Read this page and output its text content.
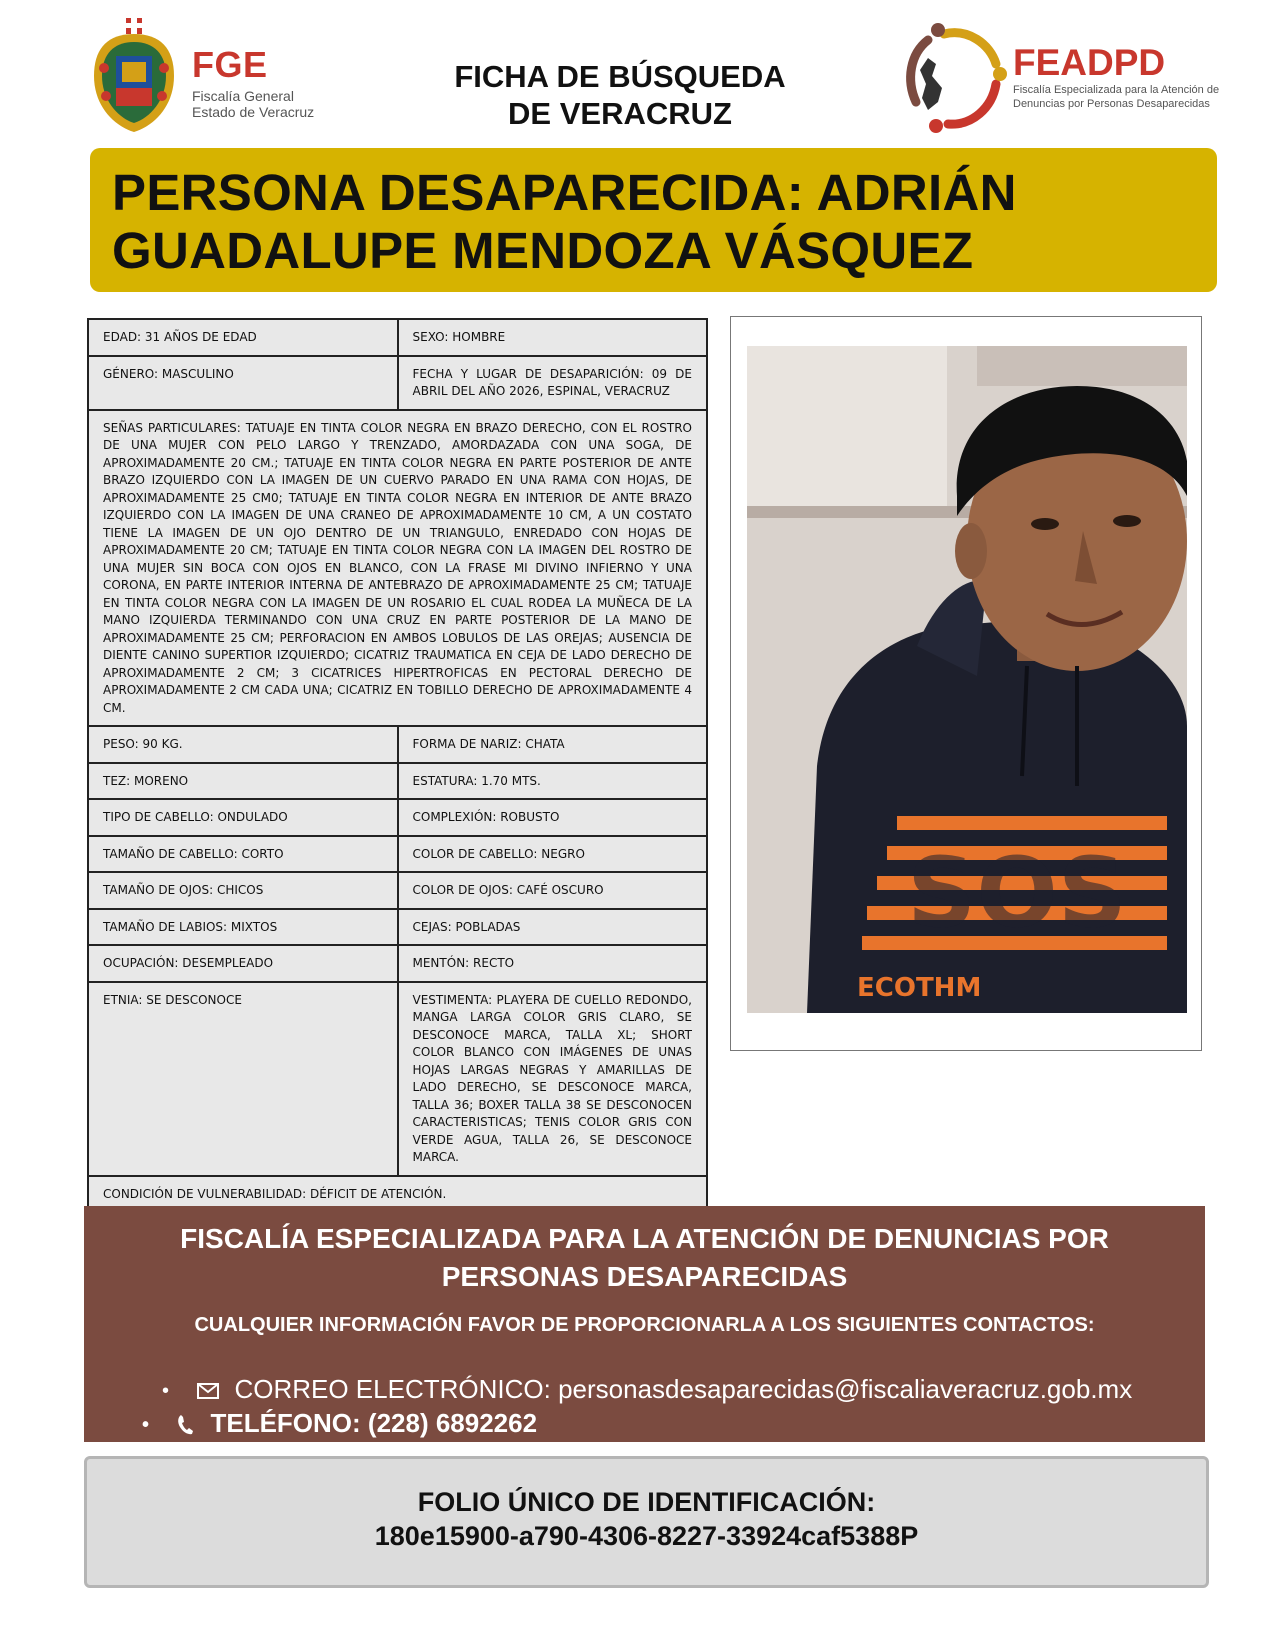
FGE
Fiscalía General
Estado de Veracruz
FICHA DE BÚSQUEDA
DE VERACRUZ
FEADPD
Fiscalía Especializada para la Atención de
Denuncias por Personas Desaparecidas
PERSONA DESAPARECIDA: ADRIÁN
GUADALUPE MENDOZA VÁSQUEZ
EDAD: 31 AÑOS DE EDAD	SEXO: HOMBRE
GÉNERO: MASCULINO	FECHA Y LUGAR DE DESAPARICIÓN: 09 DE ABRIL DEL AÑO 2026, ESPINAL, VERACRUZ
SEÑAS PARTICULARES: TATUAJE EN TINTA COLOR NEGRA EN BRAZO DERECHO, CON EL ROSTRO DE UNA MUJER CON PELO LARGO Y TRENZADO, AMORDAZADA CON UNA SOGA, DE APROXIMADAMENTE 20 CM.; TATUAJE EN TINTA COLOR NEGRA EN PARTE POSTERIOR DE ANTE BRAZO IZQUIERDO CON LA IMAGEN DE UN CUERVO PARADO EN UNA RAMA CON HOJAS, DE APROXIMADAMENTE 25 CM0; TATUAJE EN TINTA COLOR NEGRA EN INTERIOR DE ANTE BRAZO IZQUIERDO CON LA IMAGEN DE UNA CRANEO DE APROXIMADAMENTE 10 CM, A UN COSTATO TIENE LA IMAGEN DE UN OJO DENTRO DE UN TRIANGULO, ENREDADO CON HOJAS DE APROXIMADAMENTE 20 CM; TATUAJE EN TINTA COLOR NEGRA CON LA IMAGEN DEL ROSTRO DE UNA MUJER SIN BOCA CON OJOS EN BLANCO, CON LA FRASE MI DIVINO INFIERNO Y UNA CORONA, EN PARTE INTERIOR INTERNA DE ANTEBRAZO DE APROXIMADAMENTE 25 CM; TATUAJE EN TINTA COLOR NEGRA CON LA IMAGEN DE UN ROSARIO EL CUAL RODEA LA MUÑECA DE LA MANO IZQUIERDA TERMINANDO CON UNA CRUZ EN PARTE POSTERIOR DE LA MANO DE APROXIMADAMENTE 25 CM; PERFORACION EN AMBOS LOBULOS DE LAS OREJAS; AUSENCIA DE DIENTE CANINO SUPERTIOR IZQUIERDO; CICATRIZ TRAUMATICA EN CEJA DE LADO DERECHO DE APROXIMADAMENTE 2 CM; 3 CICATRICES HIPERTROFICAS EN PECTORAL DERECHO DE APROXIMADAMENTE 2 CM CADA UNA; CICATRIZ EN TOBILLO DERECHO DE APROXIMADAMENTE 4 CM.	
PESO: 90 KG.	FORMA DE NARIZ: CHATA
TEZ: MORENO	ESTATURA: 1.70 MTS.
TIPO DE CABELLO: ONDULADO	COMPLEXIÓN: ROBUSTO
TAMAÑO DE CABELLO: CORTO	COLOR DE CABELLO: NEGRO
TAMAÑO DE OJOS: CHICOS	COLOR DE OJOS: CAFÉ OSCURO
TAMAÑO DE LABIOS: MIXTOS	CEJAS: POBLADAS
OCUPACIÓN: DESEMPLEADO	MENTÓN: RECTO
ETNIA: SE DESCONOCE	VESTIMENTA: PLAYERA DE CUELLO REDONDO, MANGA LARGA COLOR GRIS CLARO, SE DESCONOCE MARCA, TALLA XL; SHORT COLOR BLANCO CON IMÁGENES DE UNAS HOJAS LARGAS NEGRAS Y AMARILLAS DE LADO DERECHO, SE DESCONOCE MARCA, TALLA 36; BOXER TALLA 38 SE DESCONOCEN CARACTERISTICAS; TENIS COLOR GRIS CON VERDE AGUA, TALLA 26, SE DESCONOCE MARCA.
CONDICIÓN DE VULNERABILIDAD: DÉFICIT DE ATENCIÓN.	
SOS
ECOTHM
FISCALÍA ESPECIALIZADA PARA LA ATENCIÓN DE DENUNCIAS POR
PERSONAS DESAPARECIDAS
CUALQUIER INFORMACIÓN FAVOR DE PROPORCIONARLA A LOS SIGUIENTES CONTACTOS:
•	CORREO ELECTRÓNICO: personasdesaparecidas@fiscaliaveracruz.gob.mx
• TELÉFONO: (228) 6892262
FOLIO ÚNICO DE IDENTIFICACIÓN:
180e15900-a790-4306-8227-33924caf5388P
